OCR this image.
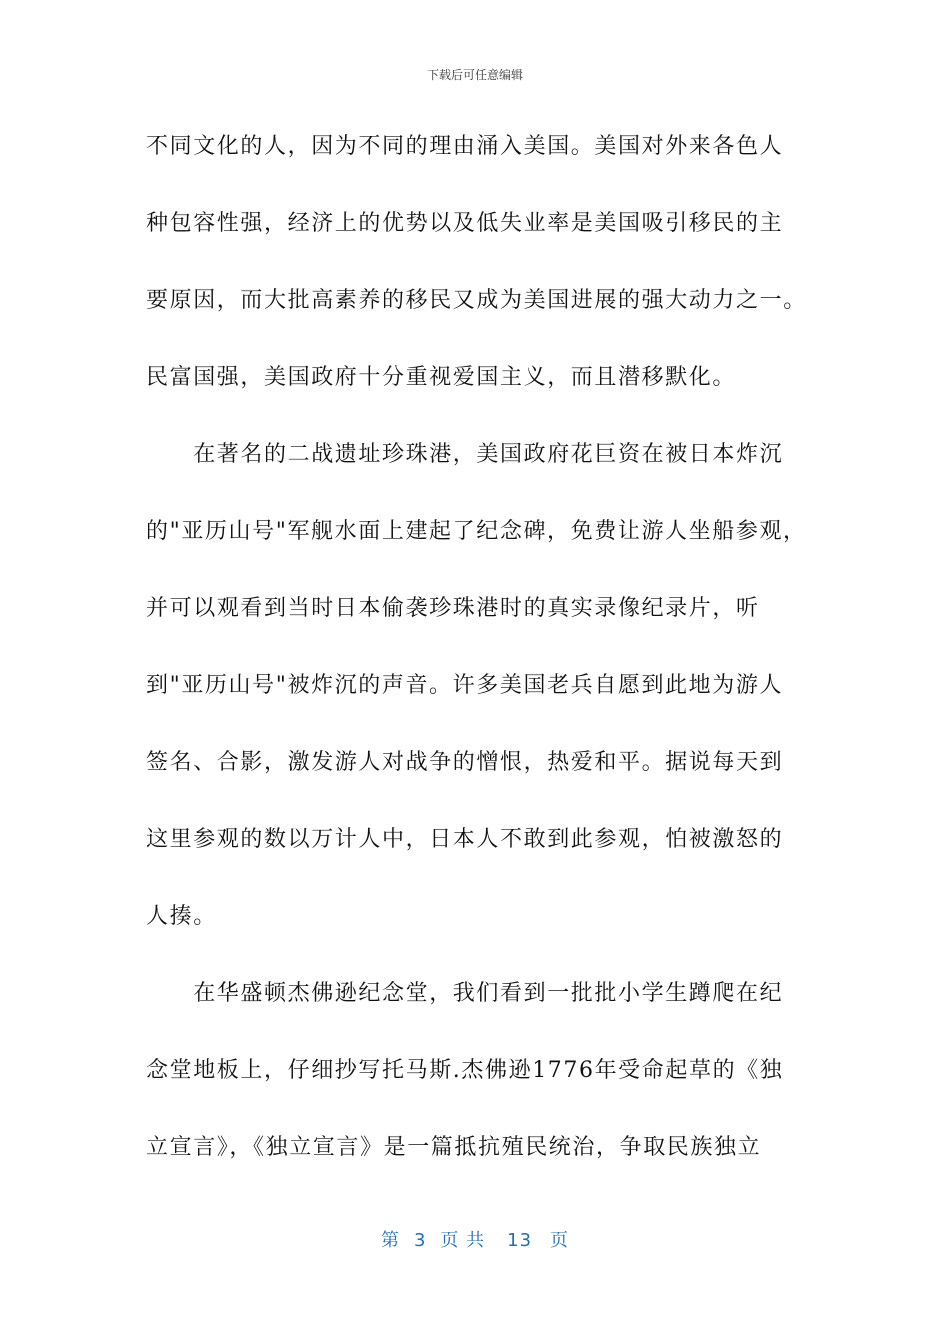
下载后可任意编辑
不同文化的人，因为不同的理由涌入美国。美国对外来各色人
种包容性强，经济上的优势以及低失业率是美国吸引移民的主
要原因，而大批高素养的移民又成为美国进展的强大动力之一。
民富国强，美国政府十分重视爱国主义，而且潜移默化。
　　在著名的二战遗址珍珠港，美国政府花巨资在被日本炸沉
的"亚历山号"军舰水面上建起了纪念碑，免费让游人坐船参观，
并可以观看到当时日本偷袭珍珠港时的真实录像纪录片，听
到"亚历山号"被炸沉的声音。许多美国老兵自愿到此地为游人
签名、合影，激发游人对战争的憎恨，热爱和平。据说每天到
这里参观的数以万计人中，日本人不敢到此参观，怕被激怒的
人揍。
　　在华盛顿杰佛逊纪念堂，我们看到一批批小学生蹲爬在纪
念堂地板上，仔细抄写托马斯.杰佛逊1776年受命起草的《独
立宣言》，《独立宣言》是一篇抵抗殖民统治，争取民族独立
第 3 页 共 13 页
